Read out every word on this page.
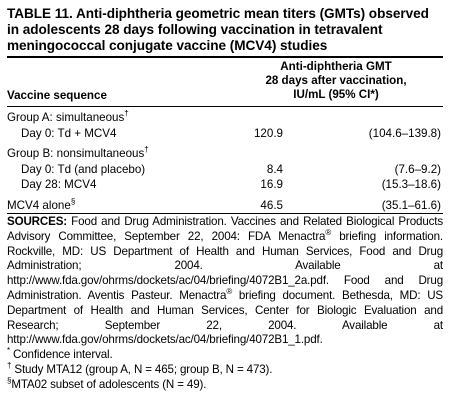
TABLE 11. Anti-diphtheria geometric mean titers (GMTs) observed in adolescents 28 days following vaccination in tetravalent meningococcal conjugate vaccine (MCV4) studies

Vaccine sequence	Anti-diphtheria GMT
28 days after vaccination,
IU/mL (95% CI*)	

Group A: simultaneous†
Day 0: Td + MCV4	120.9	(104.6–139.8)
Group B: nonsimultaneous†
Day 0: Td (and placebo)	8.4	(7.6–9.2)
Day 28: MCV4	16.9	(15.3–18.6)
MCV4 alone§	46.5	(35.1–61.6)

SOURCES: Food and Drug Administration. Vaccines and Related Biological Products Advisory Committee, September 22, 2004: FDA Menactra® briefing information. Rockville, MD: US Department of Health and Human Services, Food and Drug Administration; 2004. Available at http://www.fda.gov/ohrms/dockets/ac/04/briefing/4072B1_2a.pdf. Food and Drug Administration. Aventis Pasteur. Menactra® briefing document. Bethesda, MD: US Department of Health and Human Services, Center for Biologic Evaluation and Research; September 22, 2004. Available at http://www.fda.gov/ohrms/dockets/ac/04/briefing/4072B1_1.pdf.
* Confidence interval.
† Study MTA12 (group A, N = 465; group B, N = 473).
§MTA02 subset of adolescents (N = 49).
